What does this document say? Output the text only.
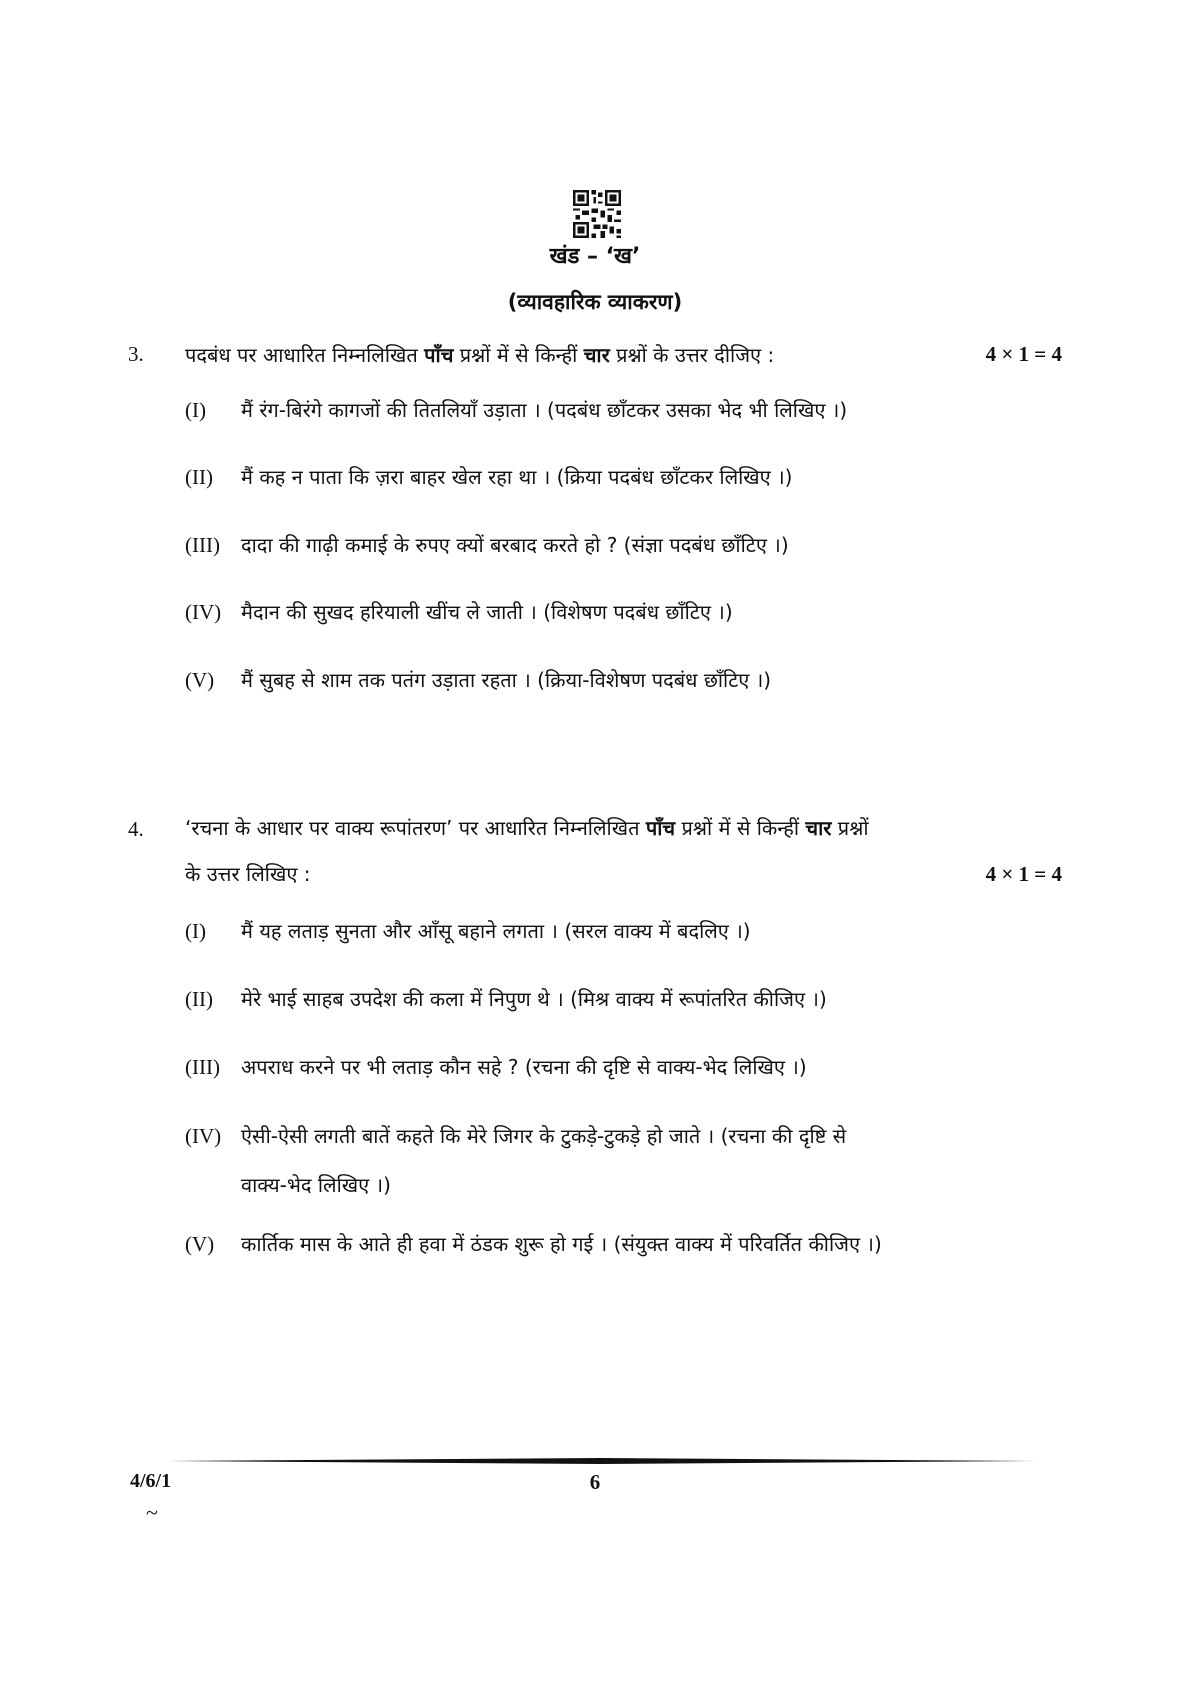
खंड – ‘ख’
(व्यावहारिक व्याकरण)
3. पदबंध पर आधारित निम्नलिखित पाँच प्रश्नों में से किन्हीं चार प्रश्नों के उत्तर दीजिए :	4 × 1 = 4
(I) मैं रंग-बिरंगे कागजों की तितलियाँ उड़ाता । (पदबंध छाँटकर उसका भेद भी लिखिए ।)
(II) मैं कह न पाता कि ज़रा बाहर खेल रहा था । (क्रिया पदबंध छाँटकर लिखिए ।)
(III) दादा की गाढ़ी कमाई के रुपए क्यों बरबाद करते हो ? (संज्ञा पदबंध छाँटिए ।)
(IV) मैदान की सुखद हरियाली खींच ले जाती । (विशेषण पदबंध छाँटिए ।)
(V) मैं सुबह से शाम तक पतंग उड़ाता रहता । (क्रिया-विशेषण पदबंध छाँटिए ।)
4. ‘रचना के आधार पर वाक्य रूपांतरण’ पर आधारित निम्नलिखित पाँच प्रश्नों में से किन्हीं चार प्रश्नों
के उत्तर लिखिए :	4 × 1 = 4
(I) मैं यह लताड़ सुनता और आँसू बहाने लगता । (सरल वाक्य में बदलिए ।)
(II) मेरे भाई साहब उपदेश की कला में निपुण थे । (मिश्र वाक्य में रूपांतरित कीजिए ।)
(III) अपराध करने पर भी लताड़ कौन सहे ? (रचना की दृष्टि से वाक्य-भेद लिखिए ।)
(IV) ऐसी-ऐसी लगती बातें कहते कि मेरे जिगर के टुकड़े-टुकड़े हो जाते । (रचना की दृष्टि से
वाक्य-भेद लिखिए ।)
(V) कार्तिक मास के आते ही हवा में ठंडक शुरू हो गई । (संयुक्त वाक्य में परिवर्तित कीजिए ।)
4/6/1	6
~
